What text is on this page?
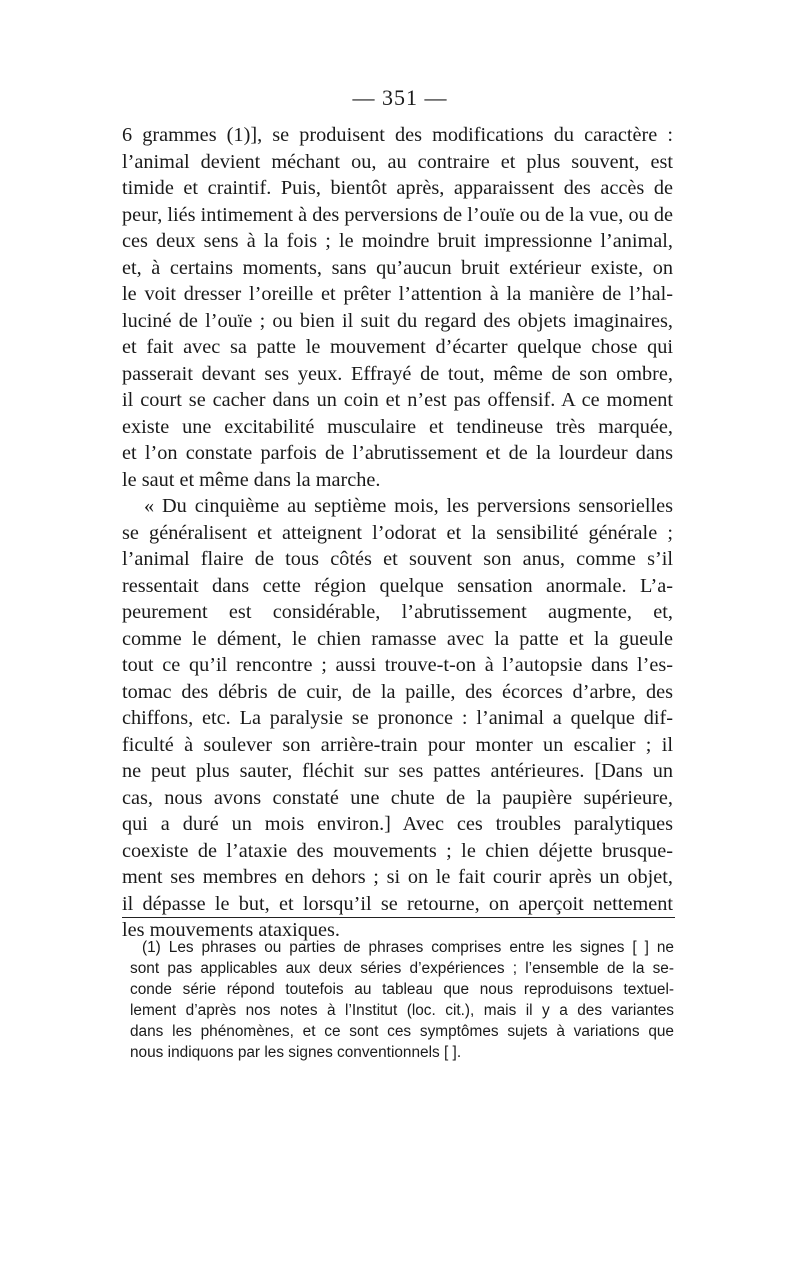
— 351 —
6 grammes (1)], se produisent des modifications du caractère :
l’animal devient méchant ou, au contraire et plus souvent, est
timide et craintif. Puis, bientôt après, apparaissent des accès de
peur, liés intimement à des perversions de l’ouïe ou de la vue, ou de
ces deux sens à la fois ; le moindre bruit impressionne l’animal,
et, à certains moments, sans qu’aucun bruit extérieur existe, on
le voit dresser l’oreille et prêter l’attention à la manière de l’hal-
luciné de l’ouïe ; ou bien il suit du regard des objets imaginaires,
et fait avec sa patte le mouvement d’écarter quelque chose qui
passerait devant ses yeux. Effrayé de tout, même de son ombre,
il court se cacher dans un coin et n’est pas offensif. A ce moment
existe une excitabilité musculaire et tendineuse très marquée,
et l’on constate parfois de l’abrutissement et de la lourdeur dans
le saut et même dans la marche.
« Du cinquième au septième mois, les perversions sensorielles
se généralisent et atteignent l’odorat et la sensibilité générale ;
l’animal flaire de tous côtés et souvent son anus, comme s’il
ressentait dans cette région quelque sensation anormale. L’a-
peurement est considérable, l’abrutissement augmente, et,
comme le dément, le chien ramasse avec la patte et la gueule
tout ce qu’il rencontre ; aussi trouve-t-on à l’autopsie dans l’es-
tomac des débris de cuir, de la paille, des écorces d’arbre, des
chiffons, etc. La paralysie se prononce : l’animal a quelque dif-
ficulté à soulever son arrière-train pour monter un escalier ; il
ne peut plus sauter, fléchit sur ses pattes antérieures. [Dans un
cas, nous avons constaté une chute de la paupière supérieure,
qui a duré un mois environ.] Avec ces troubles paralytiques
coexiste de l’ataxie des mouvements ; le chien déjette brusque-
ment ses membres en dehors ; si on le fait courir après un objet,
il dépasse le but, et lorsqu’il se retourne, on aperçoit nettement
les mouvements ataxiques.
(1) Les phrases ou parties de phrases comprises entre les signes [ ] ne
sont pas applicables aux deux séries d’expériences ; l’ensemble de la se-
conde série répond toutefois au tableau que nous reproduisons textuel-
lement d’après nos notes à l’Institut (loc. cit.), mais il y a des variantes
dans les phénomènes, et ce sont ces symptômes sujets à variations que
nous indiquons par les signes conventionnels [ ].
